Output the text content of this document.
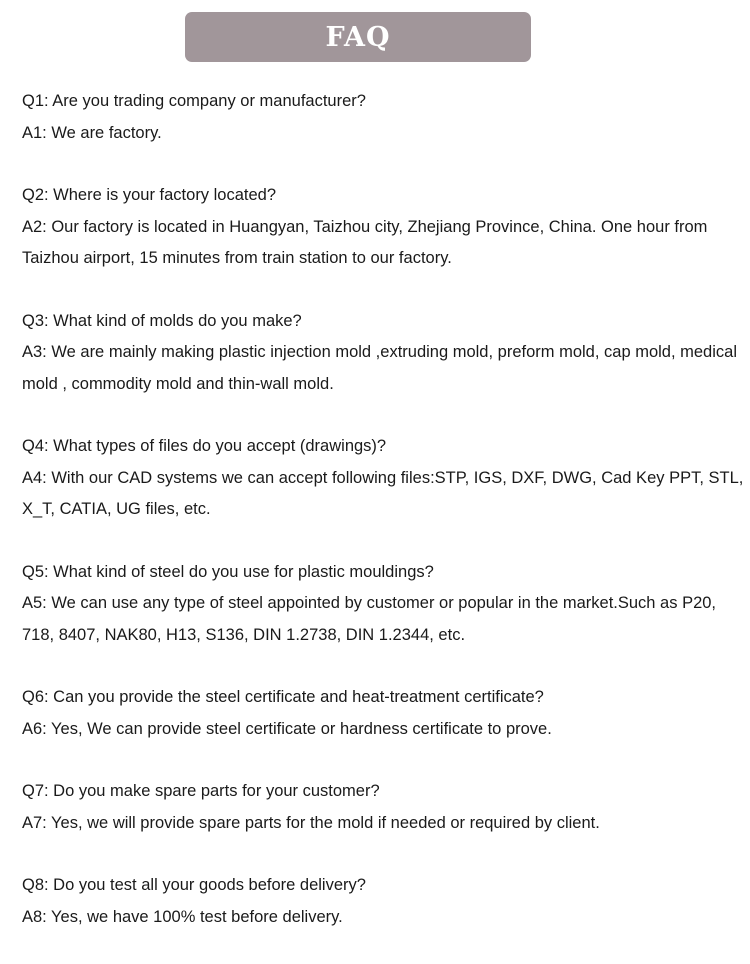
FAQ
Q1: Are you trading company or manufacturer?
A1: We are factory.
Q2: Where is your factory located?
A2: Our factory is located in Huangyan, Taizhou city, Zhejiang Province, China. One hour from Taizhou airport, 15 minutes from train station to our factory.
Q3: What kind of molds do you make?
A3: We are mainly making plastic injection mold ,extruding mold, preform mold, cap mold, medical mold , commodity mold and thin-wall mold.
Q4: What types of files do you accept (drawings)?
A4: With our CAD systems we can accept following files:STP, IGS, DXF, DWG, Cad Key PPT, STL, X_T, CATIA, UG files, etc.
Q5: What kind of steel do you use for plastic mouldings?
A5: We can use any type of steel appointed by customer or popular in the market.Such as P20, 718, 8407, NAK80, H13, S136, DIN 1.2738, DIN 1.2344, etc.
Q6: Can you provide the steel certificate and heat-treatment certificate?
A6: Yes, We can provide steel certificate or hardness certificate to prove.
Q7: Do you make spare parts for your customer?
A7: Yes, we will provide spare parts for the mold if needed or required by client.
Q8: Do you test all your goods before delivery?
A8: Yes, we have 100% test before delivery.
